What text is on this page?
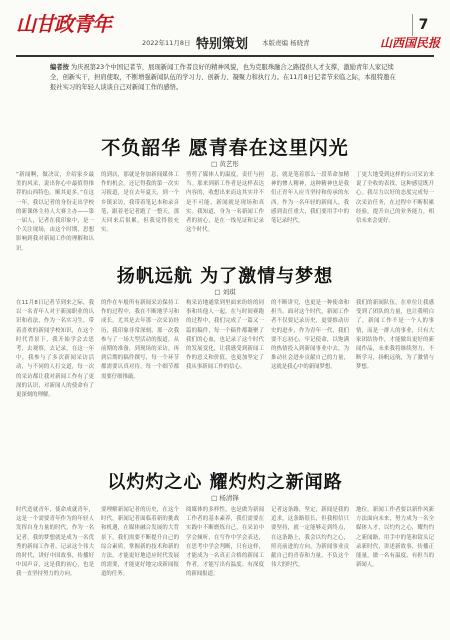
山甘政青年
2022年11月8日 特别策划 本版责编 杨晓青
7
山西国民报
编者按 为庆祝第23个中国记者节，展现新闻工作者良好的精神风貌，也为克服珠融合之路提供人才支撑，激励青年人家记续全，创新实干，担肩使取，不断增强新闻队伍的学习力、创新力、凝聚力和执行力。在11月8日记者节来临之际，本报特邀在报社实习的年轻人谈谈自己对新闻工作的感悟。
不负韶华 愿青春在这里闪光
□ 黄艺彤
“新闻啊，做决议，介绍家乡最美的风采，说出你心中最值得推荐的山西特色。顺其更多。”在这一年，我以记者的身份走出学校的新课体主持人大赛主办——第一届人，记者在我印象中，是一个关注现场，由这个时期，思想影响到我对新闻工作的理解和认识。
的到店，那就是你加新闻媒体工作的机会。还记得我的第一次实习报道，是在去年夏天，到一个乡镇采访，我带着笔记本和录音笔，跟着老记者跑了一整天，那天回来后很累，但我觉得很充实。
剪剪了媒体人的温度，责任与担当。那来到新工作者是这样表达内容的，收想出来而这其实并不是不可能，新闻就是现场和真实。我知道，身为一名新闻工作者的初心，是在一线见证和记录这个时代。
息，就是笔着那么一段革命加精神的惨人精神，这种精神也是我们正青年人应当坚持和传承的东西。作为一名年轻的新闻人，我感到责任重大，我们要用手中的笔记录时代。
丁更大地受到这样的公司采访来说了全收的表找，这种感觉既开心。我尽力以好的态度完成每一次采访任务，在过程中不断积累经验，提升自己的业务能力，相信未来会更好。
扬帆远航 为了激情与梦想
□ 刘琪
在11月8日记者节到来之际，我以一名青年人对于新闻职业的认识和看法，作为一名实习生，带着喜欢的新闻学校知识，在这个时代背景下，我开始学会去思考，去观察，去记录，在这一年中，我参与了多次新闻采访活动，与不同的人打交道，每一次的采访都让我对新闻工作有了更深的认识，对新闻人的使命有了更深刻的理解。
的作在车般所有新闻采访保持工作的过程中，我在不断地学习和成长。尤其是去年那一次采访经历，我印象非常深刻，那一次我参与了一场大型活动的报道，从前期的准备，到现场的采访，再到后期的稿件撰写，每一个环节都需要认真对待，每一个细节都需要仔细推敲。
构采访地通常到里面来纷纷的同事和其他人一起，在与时间赛跑的过程中，我们完成了一篇又一篇的稿件，每一个稿件都凝聚了我们的心血，也记录了这个时代的发展变化，让我感受到新闻工作的意义和价值，也更加坚定了我从事新闻工作的信心。
的不断讲究，也更是一种使命和担当。面对这个时代，新闻工作者不仅要记录历史，更要推动历史的进步，作为青年一代，我们要不忘初心，牢记使命，以饱满的热情投入到新闻事业中去，为推动社会进步贡献自己的力量，这就是我心中的新闻梦想。
我们的新闻队伍，在单位让我感受到了团队的力量，也让我明白了，新闻工作不是一个人的事情，而是一群人的事业，只有大家团结协作，才能做出更好的新闻作品，未来我将继续努力，不断学习，扬帆远航，为了激情与梦想。
以灼灼之心 耀灼灼之新闻路
□ 杨清锋
时代造就青年，使命成就青年，这是一个需要青年作为的年轻人发挥自身力量的时代。作为一名记者，我的梦想就是成为一名优秀的新闻工作者，记录这个伟大的时代，讲好中国故事，传播好中国声音，这是我的初心，也是我一直坚持努力的方向。
要理解新闻记者的历史，在这个时代，新闻记者面临着新的挑战和机遇，在媒体融合发展的大背景下，我们需要不断提升自己的综合素质，掌握新的技术和新的方法，才能更好地适应时代发展的需要，才能更好地完成新闻报道的任务。
阅媒体的多样性，也是做为新闻工作者的基本素养，我们需要在实践中不断磨炼自己，在采访中学会倾听，在写作中学会表达，在思考中学会判断，只有这样，才能成为一名真正合格的新闻工作者，才能写出有温度、有深度的新闻报道。
记者这条路，坚定，新闻是我的追求，这条路很长，但我相信只要坚持，就一定能够走到终点，在这条路上，我会以灼灼之心，照亮前进的方向，为新闻事业贡献自己的青春和力量，不负这个伟大的时代。
地位，新闻工作者要以新作风新方法面向未来，努力成为一名全媒体人才，以灼灼之心，耀灼灼之新闻路，用手中的笔和镜头记录新时代，讲述新故事，传播正能量，做一名有温度、有担当的新闻人。
